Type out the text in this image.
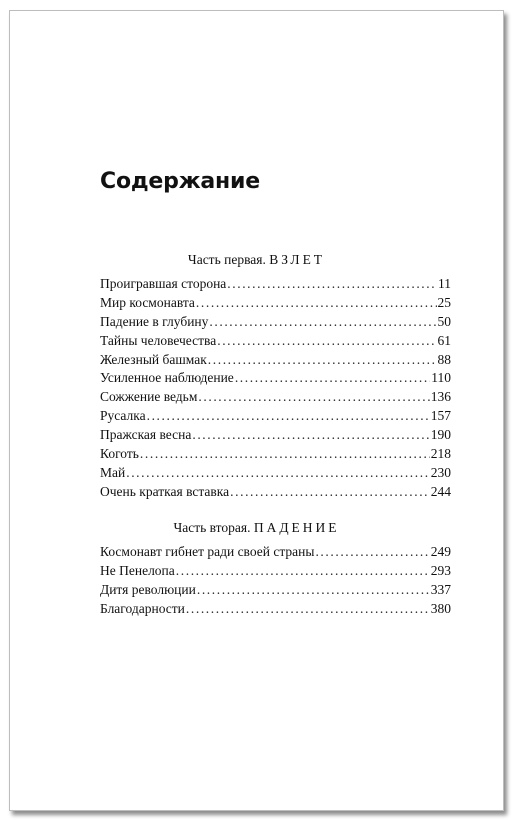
Содержание
Часть первая. ВЗЛЕТ
Проигравшая сторона .....	11
Мир космонавта .....	25
Падение в глубину .....	50
Тайны человечества .....	61
Железный башмак .....	88
Усиленное наблюдение .....	110
Сожжение ведьм .....	136
Русалка .....	157
Пражская весна .....	190
Коготь .....	218
Май .....	230
Очень краткая вставка .....	244
Часть вторая. ПАДЕНИЕ
Космонавт гибнет ради своей страны .....	249
Не Пенелопа .....	293
Дитя революции .....	337
Благодарности .....	380
